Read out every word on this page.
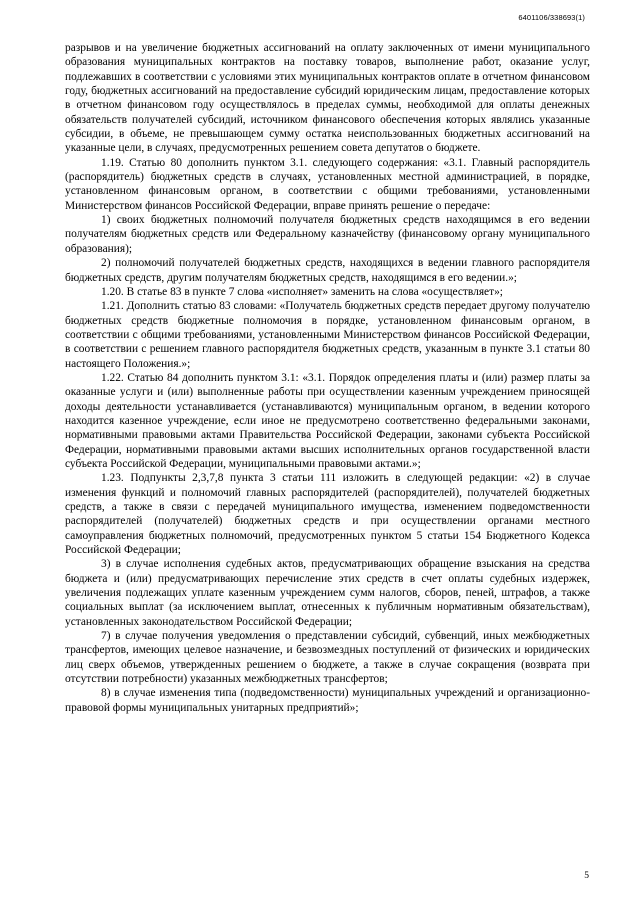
6401106/338693(1)

разрывов и на увеличение бюджетных ассигнований на оплату заключенных от имени муниципального образования муниципальных контрактов на поставку товаров, выполнение работ, оказание услуг, подлежавших в соответствии с условиями этих муниципальных контрактов оплате в отчетном финансовом году, бюджетных ассигнований на предоставление субсидий юридическим лицам, предоставление которых в отчетном финансовом году осуществлялось в пределах суммы, необходимой для оплаты денежных обязательств получателей субсидий, источником финансового обеспечения которых являлись указанные субсидии, в объеме, не превышающем сумму остатка неиспользованных бюджетных ассигнований на указанные цели, в случаях, предусмотренных решением совета депутатов о бюджете.

1.19. Статью 80 дополнить пунктом 3.1. следующего содержания: «3.1. Главный распорядитель (распорядитель) бюджетных средств в случаях, установленных местной администрацией, в порядке, установленном финансовым органом, в соответствии с общими требованиями, установленными Министерством финансов Российской Федерации, вправе принять решение о передаче:

1) своих бюджетных полномочий получателя бюджетных средств находящимся в его ведении получателям бюджетных средств или Федеральному казначейству (финансовому органу муниципального образования);

2) полномочий получателей бюджетных средств, находящихся в ведении главного распорядителя бюджетных средств, другим получателям бюджетных средств, находящимся в его ведении.»;

1.20. В статье 83 в пункте 7 слова «исполняет» заменить на слова «осуществляет»;

1.21. Дополнить статью 83 словами: «Получатель бюджетных средств передает другому получателю бюджетных средств бюджетные полномочия в порядке, установленном финансовым органом, в соответствии с общими требованиями, установленными Министерством финансов Российской Федерации, в соответствии с решением главного распорядителя бюджетных средств, указанным в пункте 3.1 статьи 80 настоящего Положения.»;

1.22. Статью 84 дополнить пунктом 3.1: «3.1. Порядок определения платы и (или) размер платы за оказанные услуги и (или) выполненные работы при осуществлении казенным учреждением приносящей доходы деятельности устанавливается (устанавливаются) муниципальным органом, в ведении которого находится казенное учреждение, если иное не предусмотрено соответственно федеральными законами, нормативными правовыми актами Правительства Российской Федерации, законами субъекта Российской Федерации, нормативными правовыми актами высших исполнительных органов государственной власти субъекта Российской Федерации, муниципальными правовыми актами.»;

1.23. Подпункты 2,3,7,8 пункта 3 статьи 111 изложить в следующей редакции: «2) в случае изменения функций и полномочий главных распорядителей (распорядителей), получателей бюджетных средств, а также в связи с передачей муниципального имущества, изменением подведомственности распорядителей (получателей) бюджетных средств и при осуществлении органами местного самоуправления бюджетных полномочий, предусмотренных пунктом 5 статьи 154 Бюджетного Кодекса Российской Федерации;

3) в случае исполнения судебных актов, предусматривающих обращение взыскания на средства бюджета и (или) предусматривающих перечисление этих средств в счет оплаты судебных издержек, увеличения подлежащих уплате казенным учреждением сумм налогов, сборов, пеней, штрафов, а также социальных выплат (за исключением выплат, отнесенных к публичным нормативным обязательствам), установленных законодательством Российской Федерации;

7) в случае получения уведомления о представлении субсидий, субвенций, иных межбюджетных трансфертов, имеющих целевое назначение, и безвозмездных поступлений от физических и юридических лиц сверх объемов, утвержденных решением о бюджете, а также в случае сокращения (возврата при отсутствии потребности) указанных межбюджетных трансфертов;

8) в случае изменения типа (подведомственности) муниципальных учреждений и организационно-правовой формы муниципальных унитарных предприятий»;

5
